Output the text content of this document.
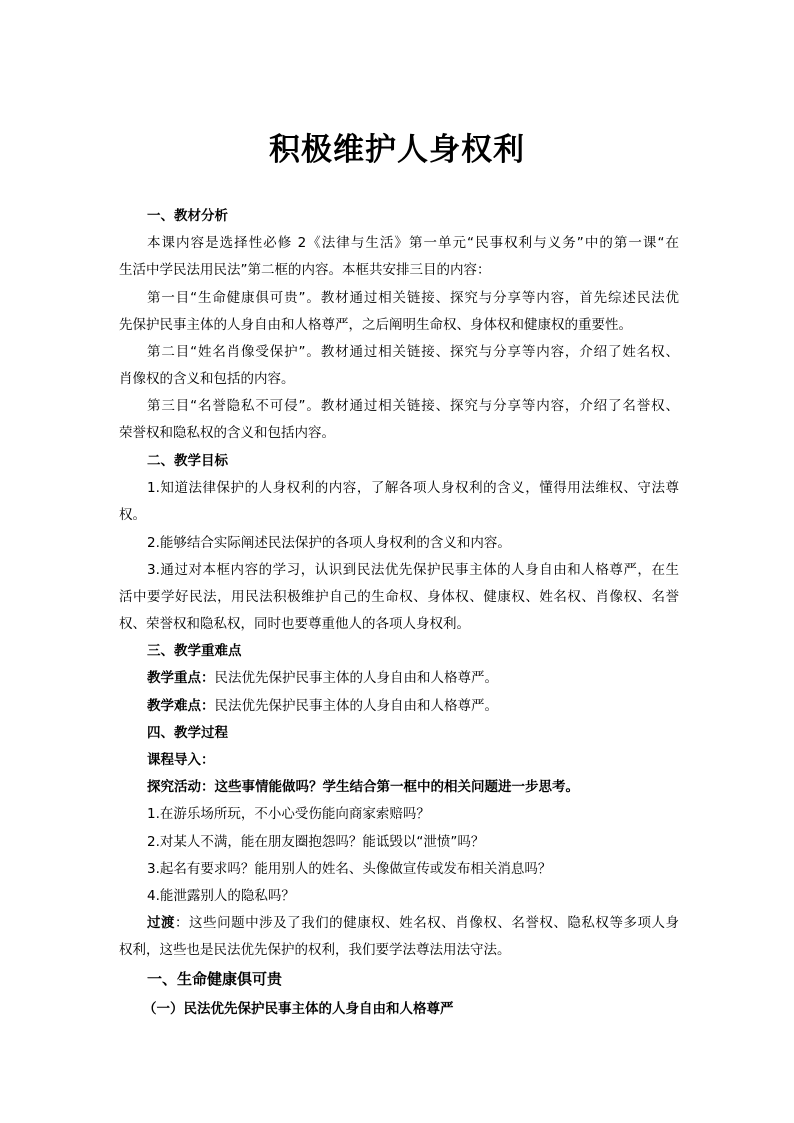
积极维护人身权利
一、教材分析
本课内容是选择性必修 2《法律与生活》第一单元“民事权利与义务”中的第一课“在
生活中学民法用民法”第二框的内容。本框共安排三目的内容：
第一目“生命健康俱可贵”。教材通过相关链接、探究与分享等内容，首先综述民法优
先保护民事主体的人身自由和人格尊严，之后阐明生命权、身体权和健康权的重要性。
第二目“姓名肖像受保护”。教材通过相关链接、探究与分享等内容，介绍了姓名权、
肖像权的含义和包括的内容。
第三目“名誉隐私不可侵”。教材通过相关链接、探究与分享等内容，介绍了名誉权、
荣誉权和隐私权的含义和包括内容。
二、教学目标
1.知道法律保护的人身权利的内容，了解各项人身权利的含义，懂得用法维权、守法尊
权。
2.能够结合实际阐述民法保护的各项人身权利的含义和内容。
3.通过对本框内容的学习，认识到民法优先保护民事主体的人身自由和人格尊严，在生
活中要学好民法，用民法积极维护自己的生命权、身体权、健康权、姓名权、肖像权、名誉
权、荣誉权和隐私权，同时也要尊重他人的各项人身权利。
三、教学重难点
教学重点：民法优先保护民事主体的人身自由和人格尊严。
教学难点：民法优先保护民事主体的人身自由和人格尊严。
四、教学过程
课程导入：
探究活动：这些事情能做吗？学生结合第一框中的相关问题进一步思考。
1.在游乐场所玩，不小心受伤能向商家索赔吗？
2.对某人不满，能在朋友圈抱怨吗？能诋毁以“泄愤”吗？
3.起名有要求吗？能用别人的姓名、头像做宣传或发布相关消息吗？
4.能泄露别人的隐私吗？
过渡：这些问题中涉及了我们的健康权、姓名权、肖像权、名誉权、隐私权等多项人身
权利，这些也是民法优先保护的权利，我们要学法尊法用法守法。
一、生命健康俱可贵
（一）民法优先保护民事主体的人身自由和人格尊严
